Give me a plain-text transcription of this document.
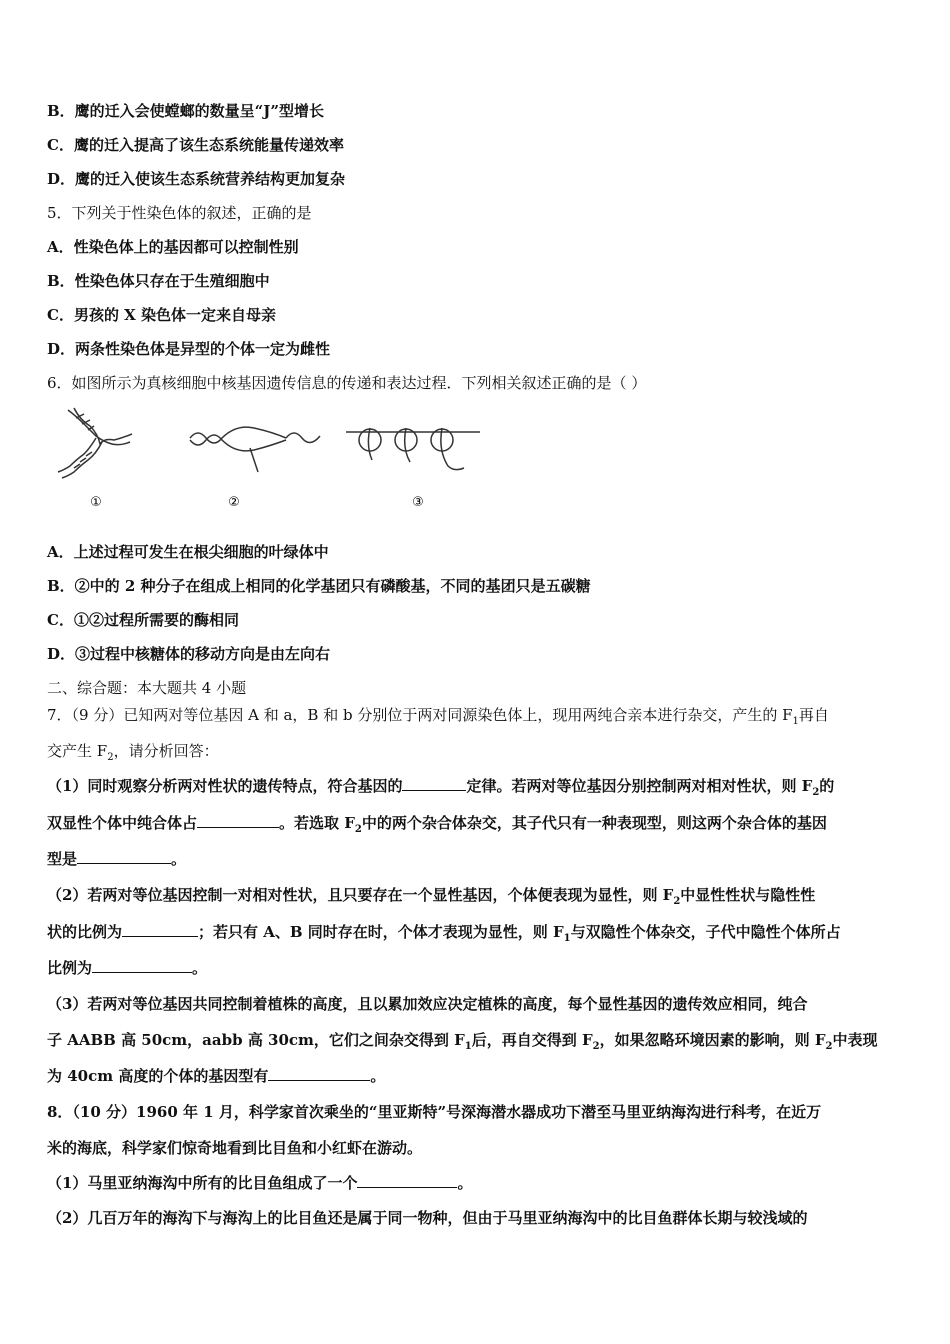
B．鹰的迁入会使螳螂的数量呈“J”型增长
C．鹰的迁入提高了该生态系统能量传递效率
D．鹰的迁入使该生态系统营养结构更加复杂
5．下列关于性染色体的叙述，正确的是
A．性染色体上的基因都可以控制性别
B．性染色体只存在于生殖细胞中
C．男孩的 X 染色体一定来自母亲
D．两条性染色体是异型的个体一定为雌性
6．如图所示为真核细胞中核基因遗传信息的传递和表达过程．下列相关叙述正确的是（ ）
①	②	③
A．上述过程可发生在根尖细胞的叶绿体中
B．②中的 2 种分子在组成上相同的化学基团只有磷酸基，不同的基团只是五碳糖
C．①②过程所需要的酶相同
D．③过程中核糖体的移动方向是由左向右
二、综合题：本大题共 4 小题
7．（9 分）已知两对等位基因 A 和 a，B 和 b 分别位于两对同源染色体上，现用两纯合亲本进行杂交，产生的 $F_1$再自
交产生 $F_2$，请分析回答：
（1）同时观察分析两对性状的遗传特点，符合基因的	定律。若两对等位基因分别控制两对相对性状，则 $F_2$的
双显性个体中纯合体占	。若选取 $F_2$中的两个杂合体杂交，其子代只有一种表现型，则这两个杂合体的基因
型是	。
（2）若两对等位基因控制一对相对性状，且只要存在一个显性基因，个体便表现为显性，则 $F_2$中显性性状与隐性性
状的比例为	；若只有 A、B 同时存在时，个体才表现为显性，则 $F_1$与双隐性个体杂交，子代中隐性个体所占
比例为	。
（3）若两对等位基因共同控制着植株的高度，且以累加效应决定植株的高度，每个显性基因的遗传效应相同，纯合
子 AABB 高 50cm，aabb 高 30cm，它们之间杂交得到 $F_1$后，再自交得到 $F_2$，如果忽略环境因素的影响，则 $F_2$中表现
为 40cm 高度的个体的基因型有	。
8．（10 分）1960 年 1 月，科学家首次乘坐的“里亚斯特”号深海潜水器成功下潜至马里亚纳海沟进行科考，在近万
米的海底，科学家们惊奇地看到比目鱼和小红虾在游动。
（1）马里亚纳海沟中所有的比目鱼组成了一个	。
（2）几百万年的海沟下与海沟上的比目鱼还是属于同一物种，但由于马里亚纳海沟中的比目鱼群体长期与较浅域的
